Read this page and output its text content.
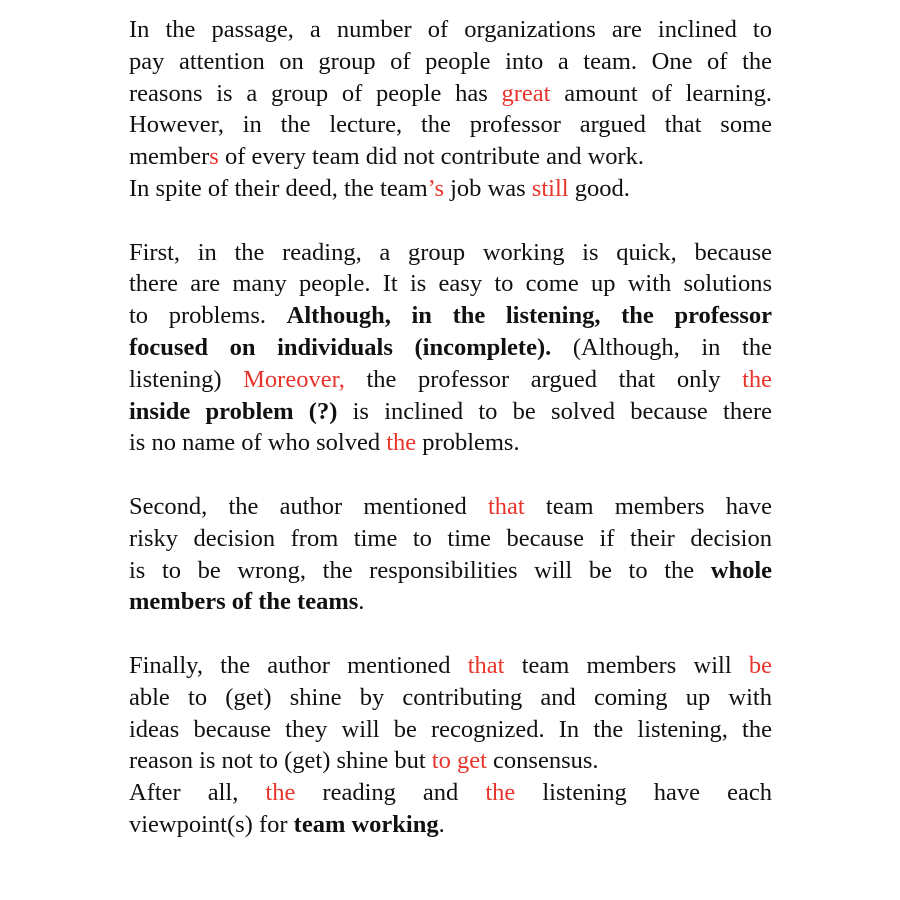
In the passage, a number of organizations are inclined to
pay attention on group of people into a team. One of the
reasons is a group of people has great amount of learning.
However, in the lecture, the professor argued that some
members of every team did not contribute and work.
In spite of their deed, the team’s job was still good.
First, in the reading, a group working is quick, because
there are many people. It is easy to come up with solutions
to problems. Although, in the listening, the professor
focused on individuals (incomplete). (Although, in the
listening) Moreover, the professor argued that only the
inside problem (?) is inclined to be solved because there
is no name of who solved the problems.
Second, the author mentioned that team members have
risky decision from time to time because if their decision
is to be wrong, the responsibilities will be to the whole
members of the teams.
Finally, the author mentioned that team members will be
able to (get) shine by contributing and coming up with
ideas because they will be recognized. In the listening, the
reason is not to (get) shine but to get consensus.
After all, the reading and the listening have each
viewpoint(s) for team working.
